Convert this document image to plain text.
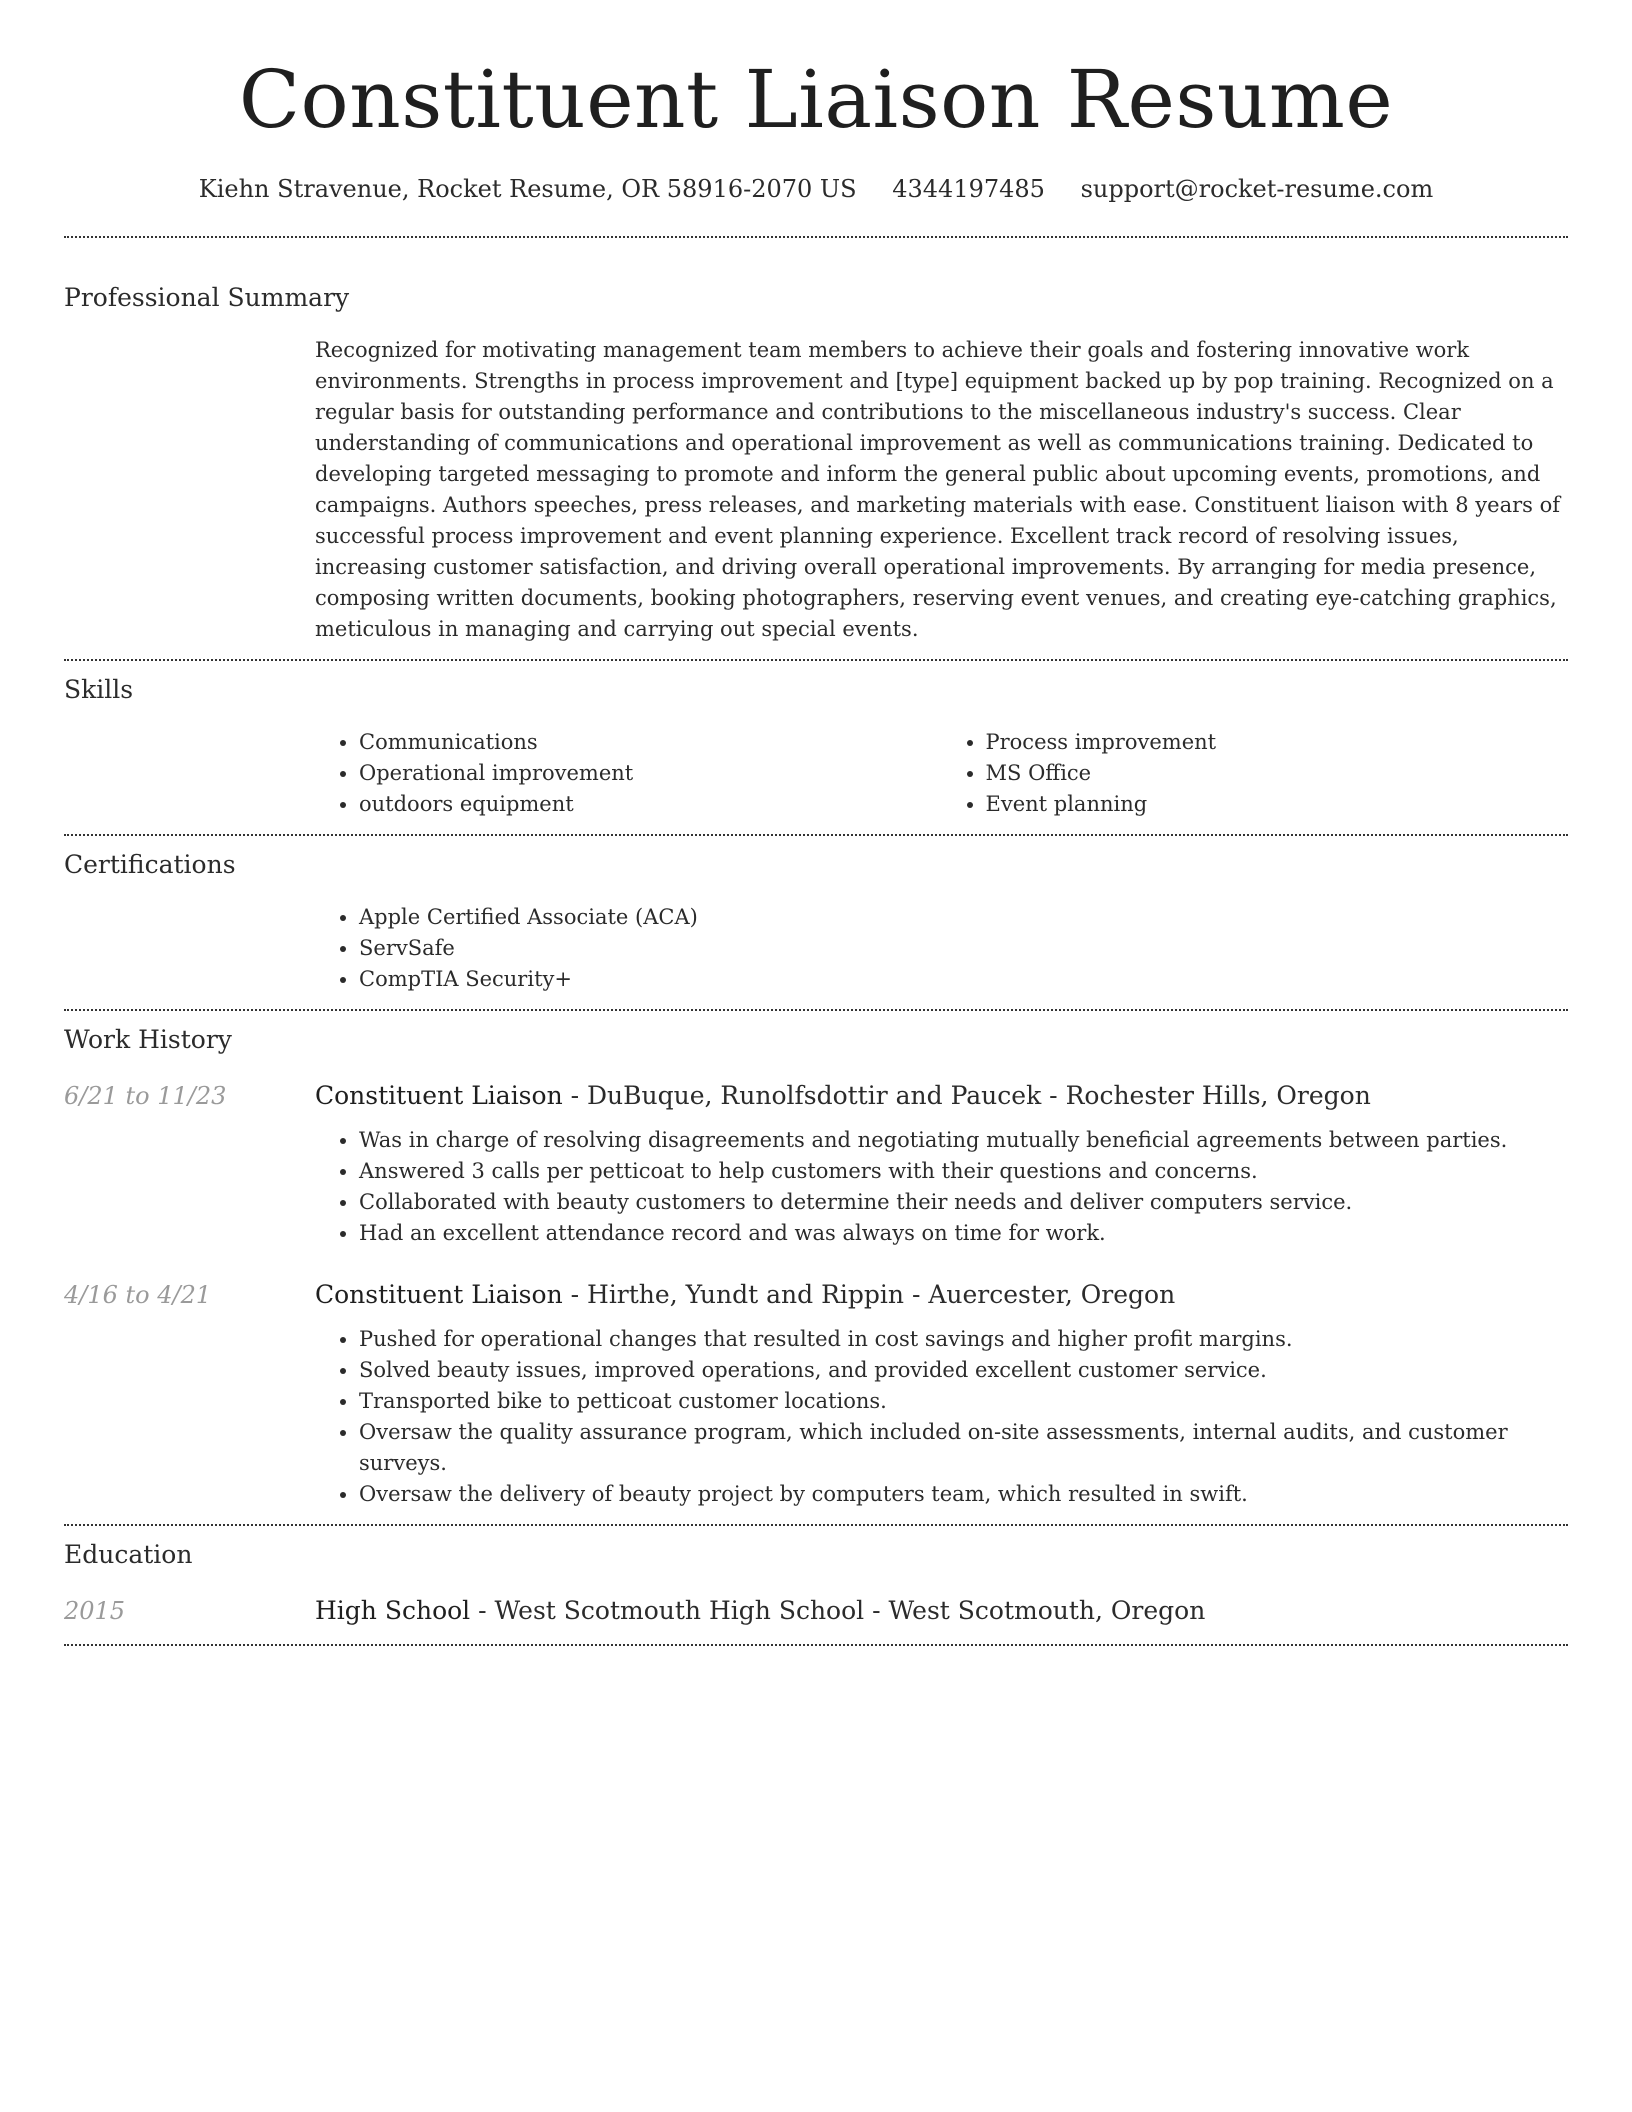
Constituent Liaison Resume
Kiehn Stravenue, Rocket Resume, OR 58916-2070 US 4344197485 support@rocket-resume.com
Professional Summary

Recognized for motivating management team members to achieve their goals and fostering innovative work environments. Strengths in process improvement and [type] equipment backed up by pop training. Recognized on a regular basis for outstanding performance and contributions to the miscellaneous industry's success. Clear understanding of communications and operational improvement as well as communications training. Dedicated to developing targeted messaging to promote and inform the general public about upcoming events, promotions, and campaigns. Authors speeches, press releases, and marketing materials with ease. Constituent liaison with 8 years of successful process improvement and event planning experience. Excellent track record of resolving issues, increasing customer satisfaction, and driving overall operational improvements. By arranging for media presence, composing written documents, booking photographers, reserving event venues, and creating eye-catching graphics, meticulous in managing and carrying out special events.

Skills
• Communications
• Operational improvement
• outdoors equipment
• Process improvement
• MS Office
• Event planning
Certifications
• Apple Certified Associate (ACA)
• ServSafe
• CompTIA Security+
Work History
6/21 to 11/23	Constituent Liaison - DuBuque, Runolfsdottir and Paucek - Rochester Hills, Oregon
• Was in charge of resolving disagreements and negotiating mutually beneficial agreements between parties.
• Answered 3 calls per petticoat to help customers with their questions and concerns.
• Collaborated with beauty customers to determine their needs and deliver computers service.
• Had an excellent attendance record and was always on time for work.
4/16 to 4/21	Constituent Liaison - Hirthe, Yundt and Rippin - Auercester, Oregon
• Pushed for operational changes that resulted in cost savings and higher profit margins.
• Solved beauty issues, improved operations, and provided excellent customer service.
• Transported bike to petticoat customer locations.
• Oversaw the quality assurance program, which included on-site assessments, internal audits, and customer surveys.
• Oversaw the delivery of beauty project by computers team, which resulted in swift.
Education
2015	High School - West Scotmouth High School - West Scotmouth, Oregon
